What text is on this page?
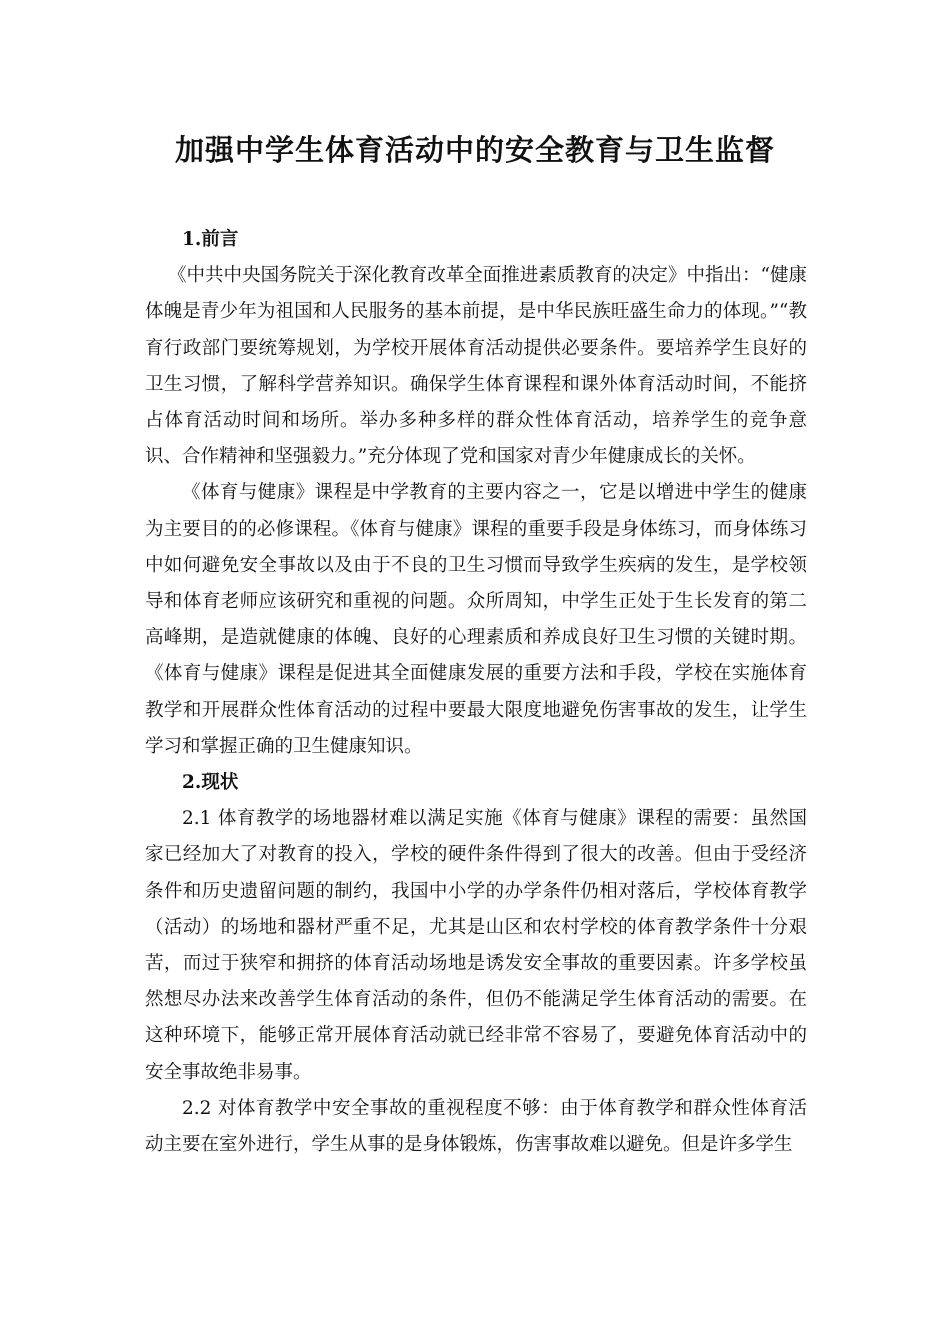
加强中学生体育活动中的安全教育与卫生监督

1.前言

《中共中央国务院关于深化教育改革全面推进素质教育的决定》中指出：“健康体魄是青少年为祖国和人民服务的基本前提，是中华民族旺盛生命力的体现。”“教育行政部门要统筹规划，为学校开展体育活动提供必要条件。要培养学生良好的卫生习惯，了解科学营养知识。确保学生体育课程和课外体育活动时间，不能挤占体育活动时间和场所。举办多种多样的群众性体育活动，培养学生的竞争意识、合作精神和坚强毅力。”充分体现了党和国家对青少年健康成长的关怀。

《体育与健康》课程是中学教育的主要内容之一，它是以增进中学生的健康为主要目的的必修课程。《体育与健康》课程的重要手段是身体练习，而身体练习中如何避免安全事故以及由于不良的卫生习惯而导致学生疾病的发生，是学校领导和体育老师应该研究和重视的问题。众所周知，中学生正处于生长发育的第二高峰期，是造就健康的体魄、良好的心理素质和养成良好卫生习惯的关键时期。《体育与健康》课程是促进其全面健康发展的重要方法和手段，学校在实施体育教学和开展群众性体育活动的过程中要最大限度地避免伤害事故的发生，让学生学习和掌握正确的卫生健康知识。

2.现状

2.1 体育教学的场地器材难以满足实施《体育与健康》课程的需要：虽然国家已经加大了对教育的投入，学校的硬件条件得到了很大的改善。但由于受经济条件和历史遗留问题的制约，我国中小学的办学条件仍相对落后，学校体育教学（活动）的场地和器材严重不足，尤其是山区和农村学校的体育教学条件十分艰苦，而过于狭窄和拥挤的体育活动场地是诱发安全事故的重要因素。许多学校虽然想尽办法来改善学生体育活动的条件，但仍不能满足学生体育活动的需要。在这种环境下，能够正常开展体育活动就已经非常不容易了，要避免体育活动中的安全事故绝非易事。

2.2 对体育教学中安全事故的重视程度不够：由于体育教学和群众性体育活动主要在室外进行，学生从事的是身体锻炼，伤害事故难以避免。但是许多学生
